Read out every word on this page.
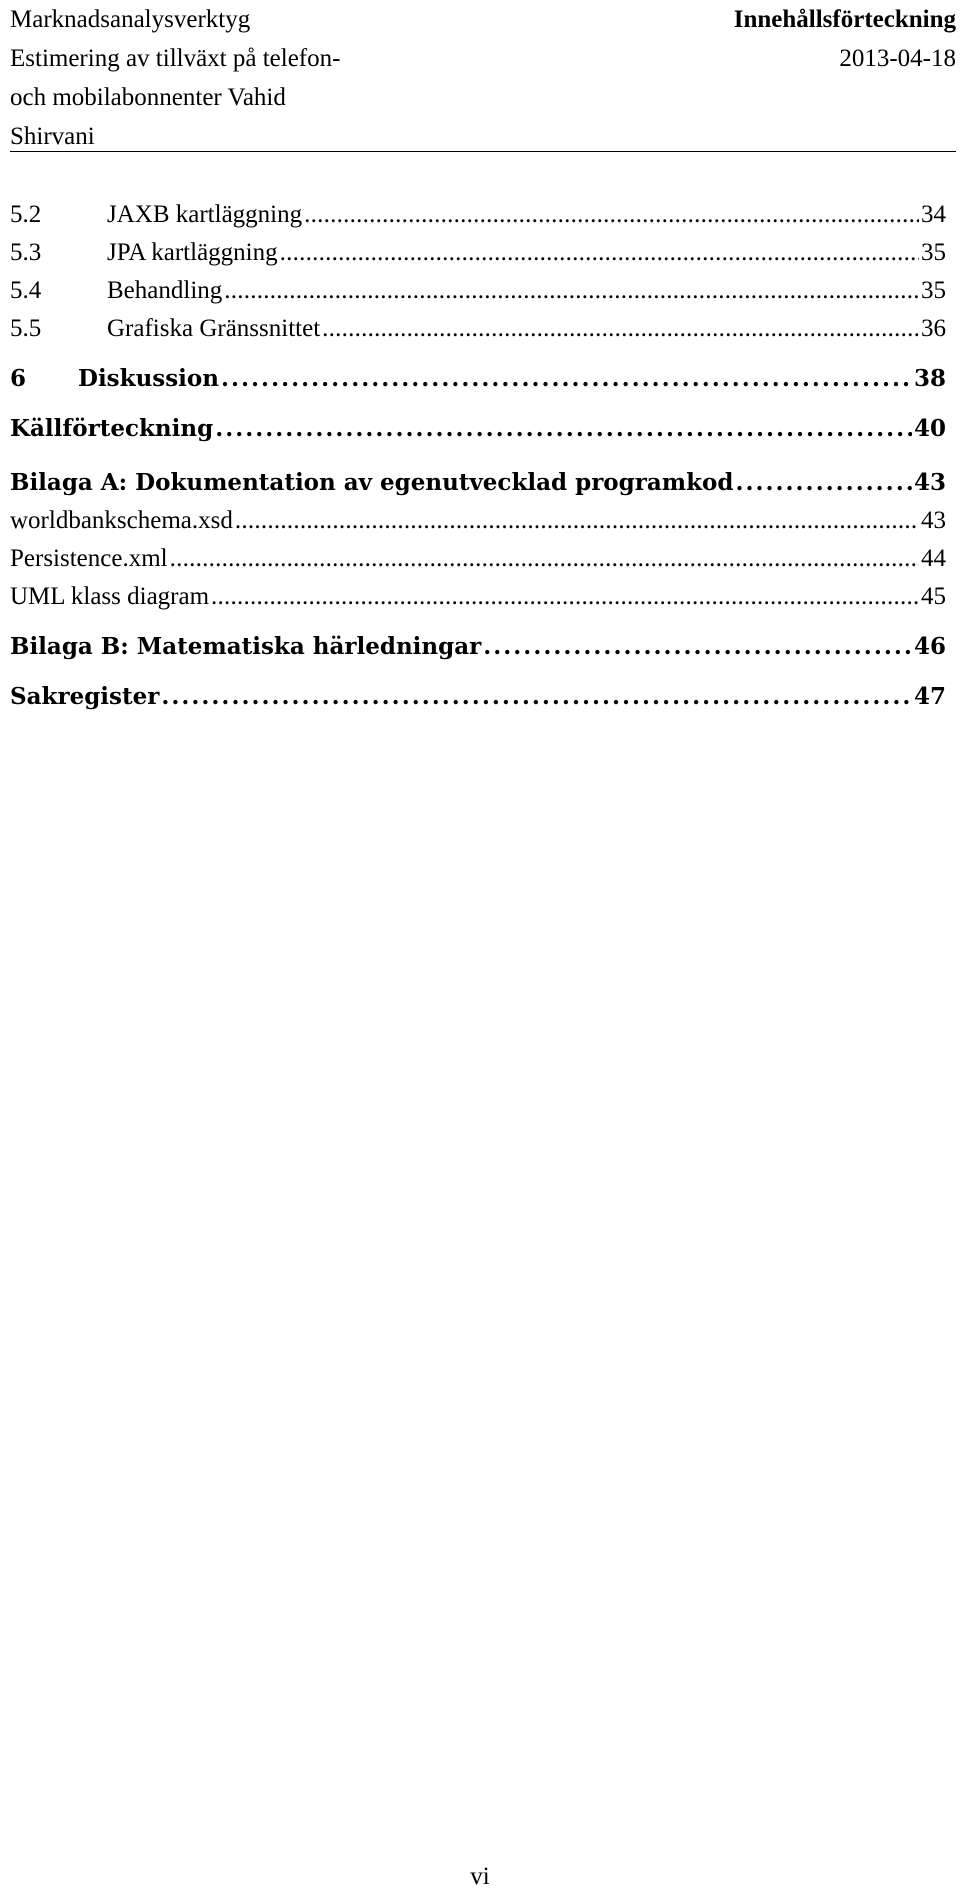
Marknadsanalysverktyg
Estimering av tillväxt på telefon-
och mobilabonnenter Vahid
Shirvani
Innehållsförteckning
2013-04-18
5.2	JAXB kartläggning . . .	34
5.3	JPA kartläggning . . .	35
5.4	Behandling . . .	35
5.5	Grafiska Gränssnittet . . .	36
6	Diskussion . . .	38
Källförteckning . . .	40
Bilaga A: Dokumentation av egenutvecklad programkod . . .	43
worldbankschema.xsd . . .	43
Persistence.xml . . .	44
UML klass diagram . . .	45
Bilaga B: Matematiska härledningar . . .	46
Sakregister . . .	47
vi
